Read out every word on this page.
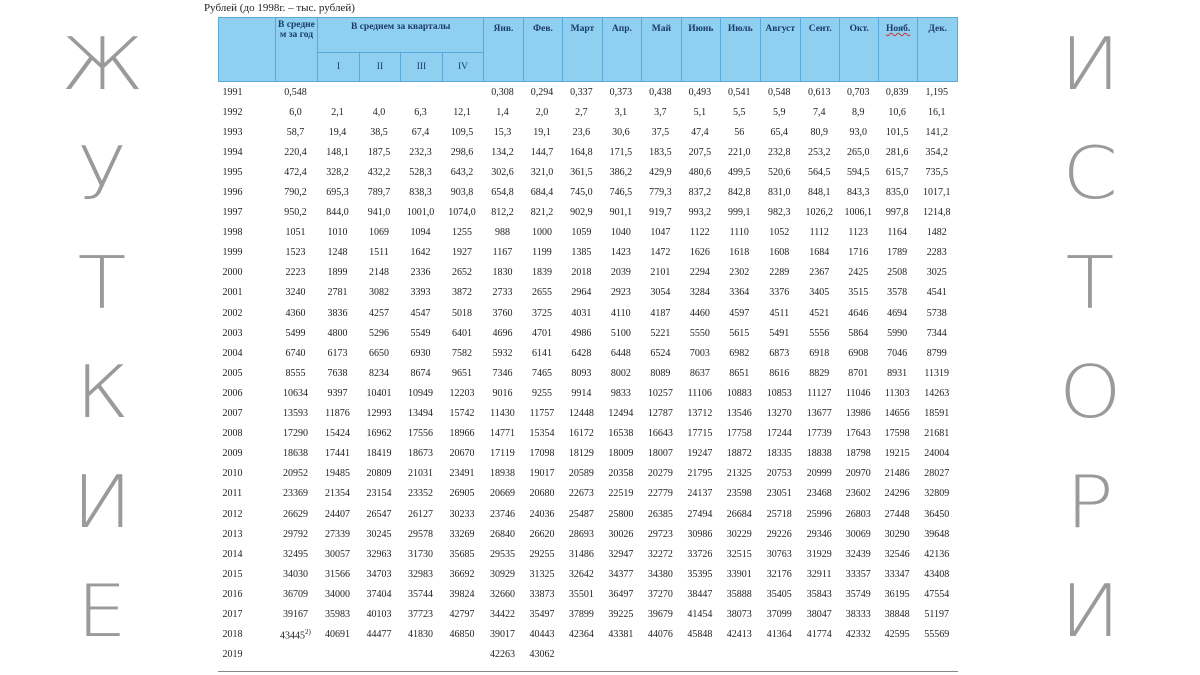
Ж
У
Т
К
И
Е
И
С
Т
О
Р
И
Рублей (до 1998г. – тыс. рублей)
	В средне м за год	В среднем за кварталы				Янв.	Фев.	Март	Апр.	Май	Июнь	Июль	Август	Сент.	Окт.	Нояб.	Дек.
		I	II	III	IV												
1991	0,548					0,308	0,294	0,337	0,373	0,438	0,493	0,541	0,548	0,613	0,703	0,839	1,195
1992	6,0	2,1	4,0	6,3	12,1	1,4	2,0	2,7	3,1	3,7	5,1	5,5	5,9	7,4	8,9	10,6	16,1
1993	58,7	19,4	38,5	67,4	109,5	15,3	19,1	23,6	30,6	37,5	47,4	56	65,4	80,9	93,0	101,5	141,2
1994	220,4	148,1	187,5	232,3	298,6	134,2	144,7	164,8	171,5	183,5	207,5	221,0	232,8	253,2	265,0	281,6	354,2
1995	472,4	328,2	432,2	528,3	643,2	302,6	321,0	361,5	386,2	429,9	480,6	499,5	520,6	564,5	594,5	615,7	735,5
1996	790,2	695,3	789,7	838,3	903,8	654,8	684,4	745,0	746,5	779,3	837,2	842,8	831,0	848,1	843,3	835,0	1017,1
1997	950,2	844,0	941,0	1001,0	1074,0	812,2	821,2	902,9	901,1	919,7	993,2	999,1	982,3	1026,2	1006,1	997,8	1214,8
1998	1051	1010	1069	1094	1255	988	1000	1059	1040	1047	1122	1110	1052	1112	1123	1164	1482
1999	1523	1248	1511	1642	1927	1167	1199	1385	1423	1472	1626	1618	1608	1684	1716	1789	2283
2000	2223	1899	2148	2336	2652	1830	1839	2018	2039	2101	2294	2302	2289	2367	2425	2508	3025
2001	3240	2781	3082	3393	3872	2733	2655	2964	2923	3054	3284	3364	3376	3405	3515	3578	4541
2002	4360	3836	4257	4547	5018	3760	3725	4031	4110	4187	4460	4597	4511	4521	4646	4694	5738
2003	5499	4800	5296	5549	6401	4696	4701	4986	5100	5221	5550	5615	5491	5556	5864	5990	7344
2004	6740	6173	6650	6930	7582	5932	6141	6428	6448	6524	7003	6982	6873	6918	6908	7046	8799
2005	8555	7638	8234	8674	9651	7346	7465	8093	8002	8089	8637	8651	8616	8829	8701	8931	11319
2006	10634	9397	10401	10949	12203	9016	9255	9914	9833	10257	11106	10883	10853	11127	11046	11303	14263
2007	13593	11876	12993	13494	15742	11430	11757	12448	12494	12787	13712	13546	13270	13677	13986	14656	18591
2008	17290	15424	16962	17556	18966	14771	15354	16172	16538	16643	17715	17758	17244	17739	17643	17598	21681
2009	18638	17441	18419	18673	20670	17119	17098	18129	18009	18007	19247	18872	18335	18838	18798	19215	24004
2010	20952	19485	20809	21031	23491	18938	19017	20589	20358	20279	21795	21325	20753	20999	20970	21486	28027
2011	23369	21354	23154	23352	26905	20669	20680	22673	22519	22779	24137	23598	23051	23468	23602	24296	32809
2012	26629	24407	26547	26127	30233	23746	24036	25487	25800	26385	27494	26684	25718	25996	26803	27448	36450
2013	29792	27339	30245	29578	33269	26840	26620	28693	30026	29723	30986	30229	29226	29346	30069	30290	39648
2014	32495	30057	32963	31730	35685	29535	29255	31486	32947	32272	33726	32515	30763	31929	32439	32546	42136
2015	34030	31566	34703	32983	36692	30929	31325	32642	34377	34380	35395	33901	32176	32911	33357	33347	43408
2016	36709	34000	37404	35744	39824	32660	33873	35501	36497	37270	38447	35888	35405	35843	35749	36195	47554
2017	39167	35983	40103	37723	42797	34422	35497	37899	39225	39679	41454	38073	37099	38047	38333	38848	51197
2018	43445$^{2)}$	40691	44477	41830	46850	39017	40443	42364	43381	44076	45848	42413	41364	41774	42332	42595	55569
2019						42263	43062										
